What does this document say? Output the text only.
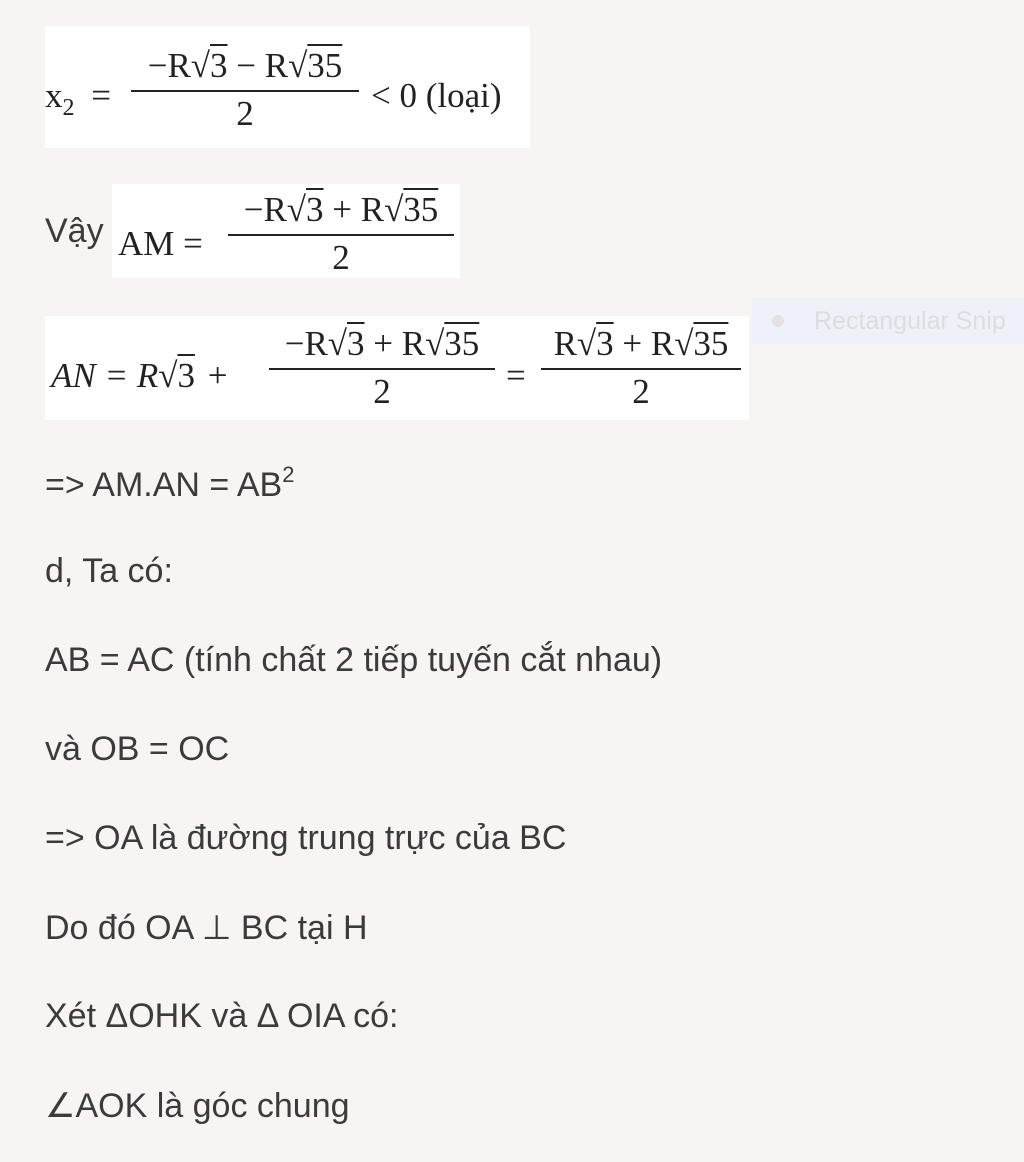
$x_2$ =
−R√3 − R√35
2	< 0 (loại)
Vậy AM =
−R√3 + R√35
2
AN = R√3 +
−R√3 + R√35
2	=
R√3 + R√35
2
Rectangular Snip
=> $AM.AN = AB^2$
d, Ta có:
AB = AC (tính chất 2 tiếp tuyến cắt nhau)
và OB = OC
=> OA là đường trung trực của BC
Do đó OA ⊥ BC tại H
Xét ΔOHK và Δ OIA có:
∠AOK là góc chung
